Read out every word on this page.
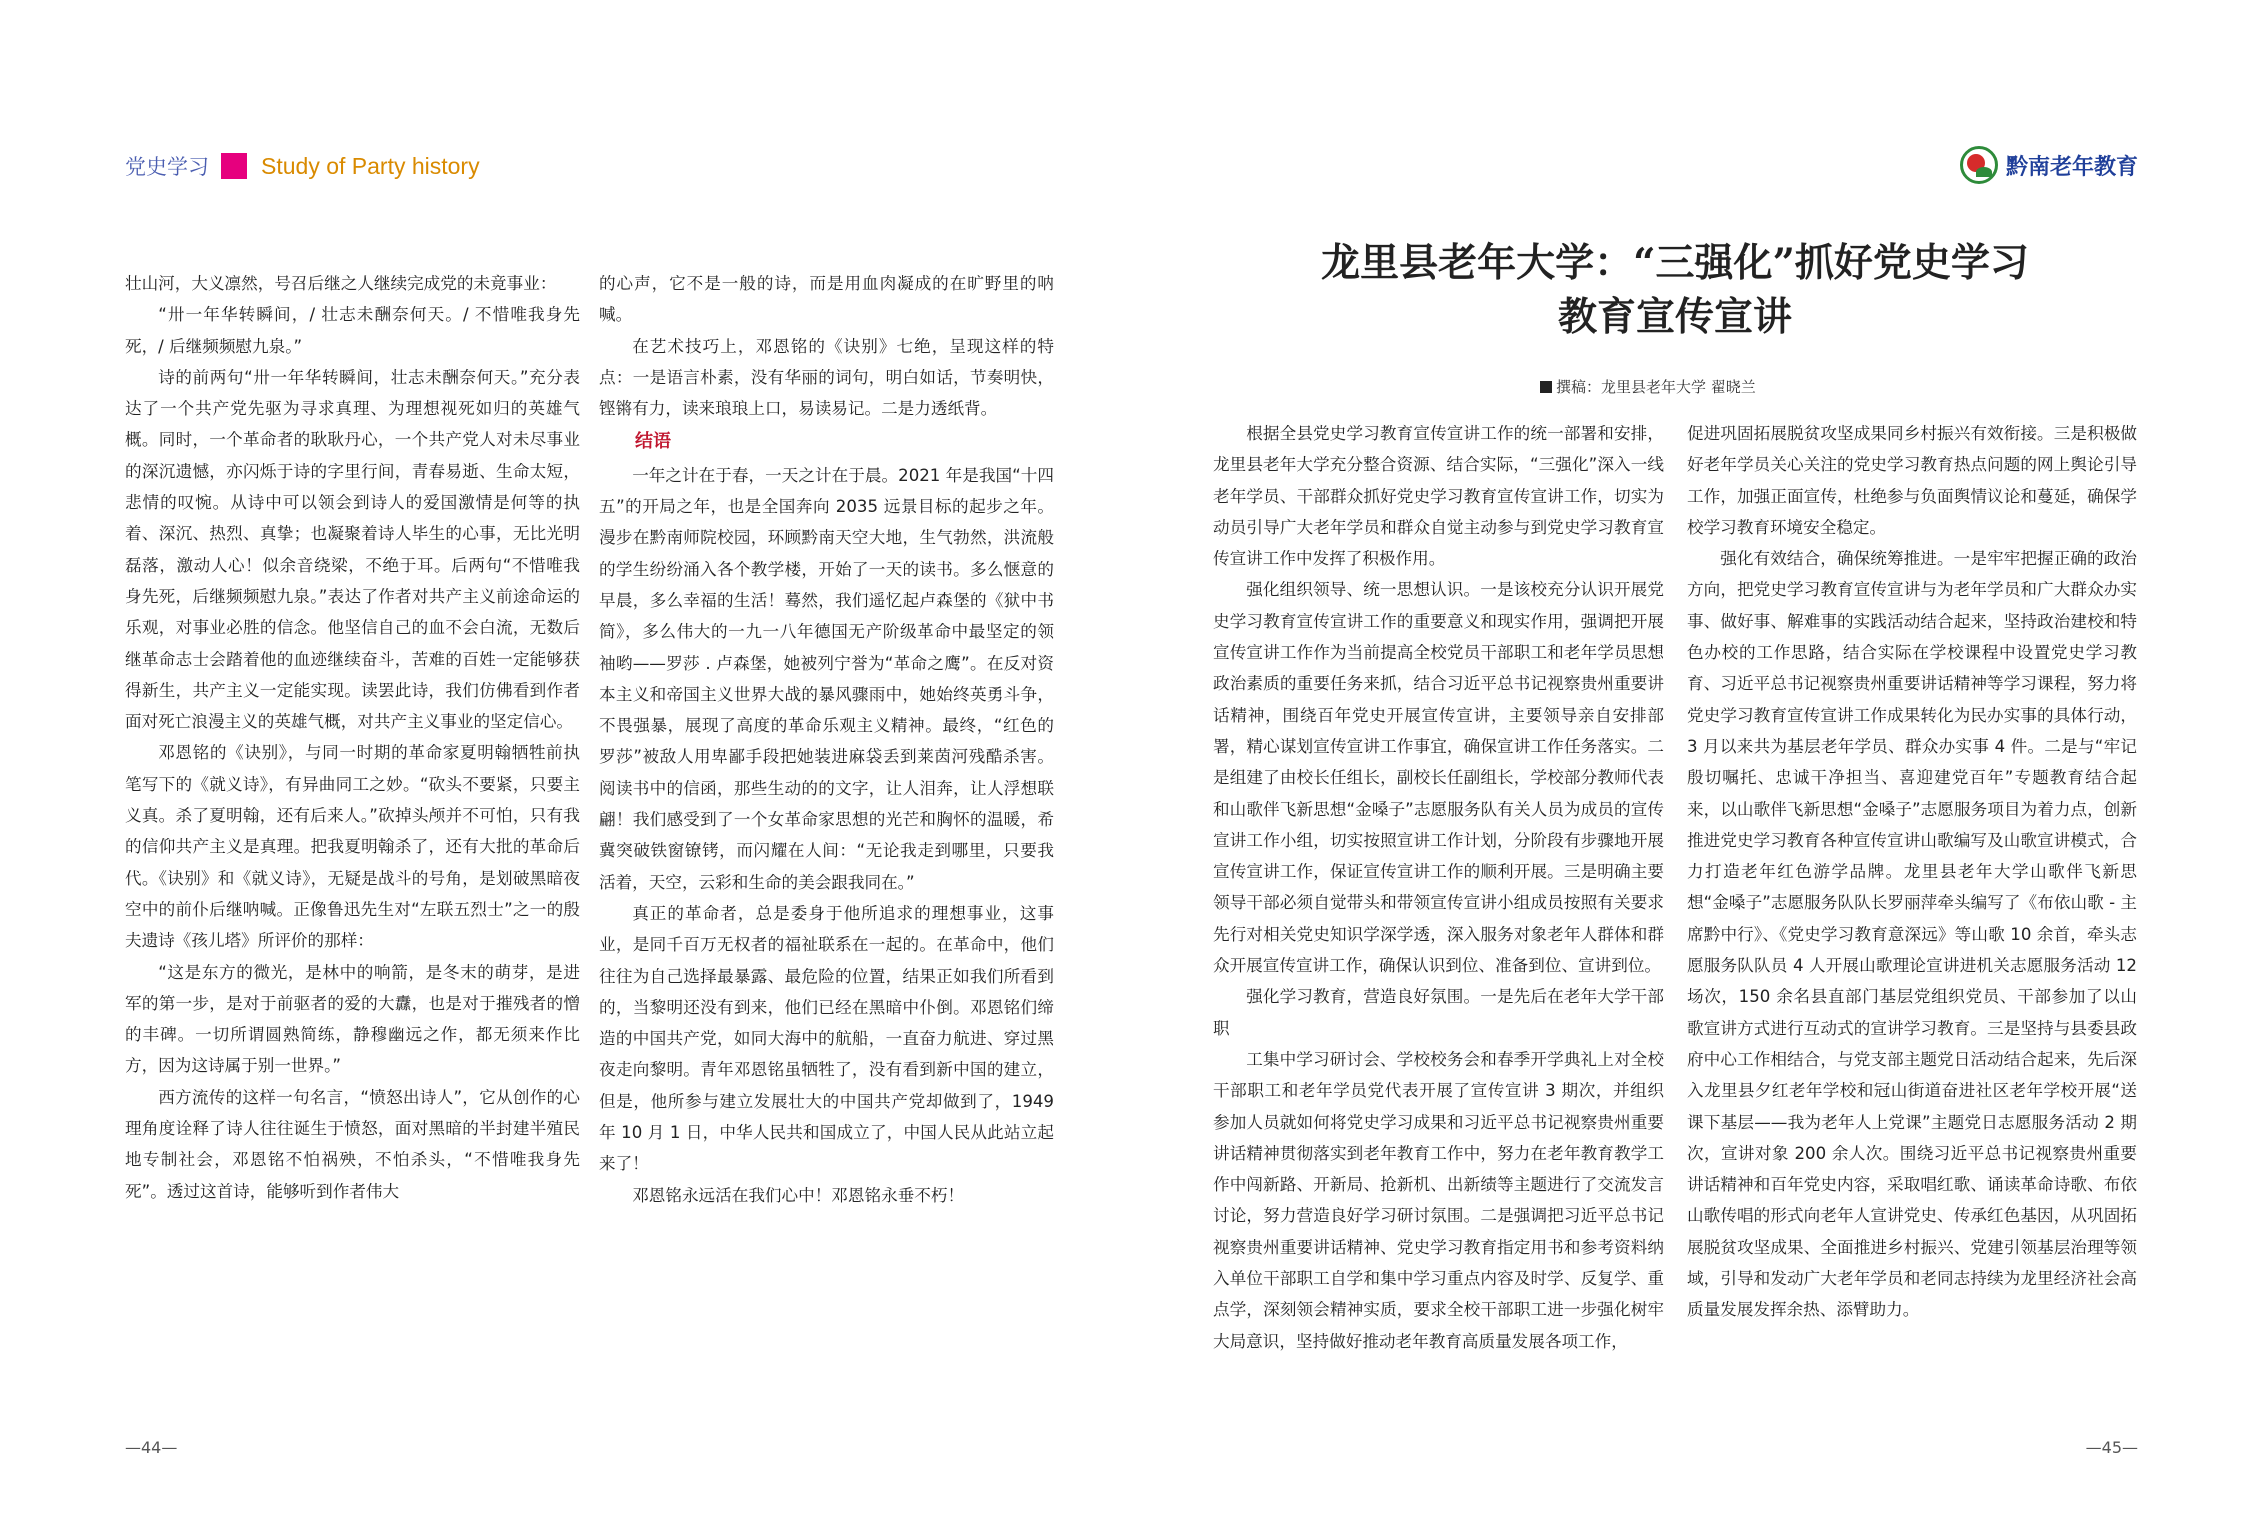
党史学习 Study of Party history	黔南老年教育

壮山河，大义凛然，号召后继之人继续完成党的未竟事业：

“卅一年华转瞬间，/ 壮志未酬奈何天。/ 不惜唯我身先死，/ 后继频频慰九泉。”

诗的前两句“卅一年华转瞬间，壮志未酬奈何天。”充分表达了一个共产党先驱为寻求真理、为理想视死如归的英雄气概。同时，一个革命者的耿耿丹心，一个共产党人对未尽事业的深沉遗憾，亦闪烁于诗的字里行间，青春易逝、生命太短，悲情的叹惋。从诗中可以领会到诗人的爱国激情是何等的执着、深沉、热烈、真挚；也凝聚着诗人毕生的心事，无比光明磊落，激动人心！似余音绕梁，不绝于耳。后两句“不惜唯我身先死，后继频频慰九泉。”表达了作者对共产主义前途命运的乐观，对事业必胜的信念。他坚信自己的血不会白流，无数后继革命志士会踏着他的血迹继续奋斗，苦难的百姓一定能够获得新生，共产主义一定能实现。读罢此诗，我们仿佛看到作者面对死亡浪漫主义的英雄气概，对共产主义事业的坚定信心。

邓恩铭的《诀别》，与同一时期的革命家夏明翰牺牲前执笔写下的《就义诗》，有异曲同工之妙。“砍头不要紧，只要主义真。杀了夏明翰，还有后来人。”砍掉头颅并不可怕，只有我的信仰共产主义是真理。把我夏明翰杀了，还有大批的革命后代。《诀别》和《就义诗》，无疑是战斗的号角，是划破黑暗夜空中的前仆后继呐喊。正像鲁迅先生对“左联五烈士”之一的殷夫遗诗《孩儿塔》所评价的那样：

“这是东方的微光，是林中的响箭，是冬末的萌芽，是进军的第一步，是对于前驱者的爱的大纛，也是对于摧残者的憎的丰碑。一切所谓圆熟简练，静穆幽远之作，都无须来作比方，因为这诗属于别一世界。”

西方流传的这样一句名言，“愤怒出诗人”，它从创作的心理角度诠释了诗人往往诞生于愤怒，面对黑暗的半封建半殖民地专制社会，邓恩铭不怕祸殃，不怕杀头，“不惜唯我身先死”。透过这首诗，能够听到作者伟大

的心声，它不是一般的诗，而是用血肉凝成的在旷野里的呐喊。

在艺术技巧上，邓恩铭的《诀别》七绝，呈现这样的特点：一是语言朴素，没有华丽的词句，明白如话，节奏明快，铿锵有力，读来琅琅上口，易读易记。二是力透纸背。

结语

一年之计在于春，一天之计在于晨。2021 年是我国“十四五”的开局之年，也是全国奔向 2035 远景目标的起步之年。漫步在黔南师院校园，环顾黔南天空大地，生气勃然，洪流般的学生纷纷涌入各个教学楼，开始了一天的读书。多么惬意的早晨，多么幸福的生活！蓦然，我们遥忆起卢森堡的《狱中书简》，多么伟大的一九一八年德国无产阶级革命中最坚定的领袖哟——罗莎 . 卢森堡，她被列宁誉为“革命之鹰”。在反对资本主义和帝国主义世界大战的暴风骤雨中，她始终英勇斗争，不畏强暴，展现了高度的革命乐观主义精神。最终，“红色的罗莎”被敌人用卑鄙手段把她装进麻袋丢到莱茵河残酷杀害。阅读书中的信函，那些生动的的文字，让人泪奔，让人浮想联翩！我们感受到了一个女革命家思想的光芒和胸怀的温暖，希冀突破铁窗镣铐，而闪耀在人间：“无论我走到哪里，只要我活着，天空，云彩和生命的美会跟我同在。”

真正的革命者，总是委身于他所追求的理想事业，这事业，是同千百万无权者的福祉联系在一起的。在革命中，他们往往为自己选择最暴露、最危险的位置，结果正如我们所看到的，当黎明还没有到来，他们已经在黑暗中仆倒。邓恩铭们缔造的中国共产党，如同大海中的航船，一直奋力航进、穿过黑夜走向黎明。青年邓恩铭虽牺牲了，没有看到新中国的建立，但是，他所参与建立发展壮大的中国共产党却做到了，1949 年 10 月 1 日，中华人民共和国成立了，中国人民从此站立起来了！

邓恩铭永远活在我们心中！邓恩铭永垂不朽！

龙里县老年大学：“三强化”抓好党史学习
教育宣传宣讲
撰稿：龙里县老年大学 翟晓兰

根据全县党史学习教育宣传宣讲工作的统一部署和安排，龙里县老年大学充分整合资源、结合实际，“三强化”深入一线老年学员、干部群众抓好党史学习教育宣传宣讲工作，切实为动员引导广大老年学员和群众自觉主动参与到党史学习教育宣传宣讲工作中发挥了积极作用。

强化组织领导、统一思想认识。一是该校充分认识开展党史学习教育宣传宣讲工作的重要意义和现实作用，强调把开展宣传宣讲工作作为当前提高全校党员干部职工和老年学员思想政治素质的重要任务来抓，结合习近平总书记视察贵州重要讲话精神，围绕百年党史开展宣传宣讲，主要领导亲自安排部署，精心谋划宣传宣讲工作事宜，确保宣讲工作任务落实。二是组建了由校长任组长，副校长任副组长，学校部分教师代表和山歌伴飞新思想“金嗓子”志愿服务队有关人员为成员的宣传宣讲工作小组，切实按照宣讲工作计划，分阶段有步骤地开展宣传宣讲工作，保证宣传宣讲工作的顺利开展。三是明确主要领导干部必须自觉带头和带领宣传宣讲小组成员按照有关要求先行对相关党史知识学深学透，深入服务对象老年人群体和群众开展宣传宣讲工作，确保认识到位、准备到位、宣讲到位。

强化学习教育，营造良好氛围。一是先后在老年大学干部职

工集中学习研讨会、学校校务会和春季开学典礼上对全校干部职工和老年学员党代表开展了宣传宣讲 3 期次，并组织参加人员就如何将党史学习成果和习近平总书记视察贵州重要讲话精神贯彻落实到老年教育工作中，努力在老年教育教学工作中闯新路、开新局、抢新机、出新绩等主题进行了交流发言讨论，努力营造良好学习研讨氛围。二是强调把习近平总书记视察贵州重要讲话精神、党史学习教育指定用书和参考资料纳入单位干部职工自学和集中学习重点内容及时学、反复学、重点学，深刻领会精神实质，要求全校干部职工进一步强化树牢大局意识，坚持做好推动老年教育高质量发展各项工作，

促进巩固拓展脱贫攻坚成果同乡村振兴有效衔接。三是积极做好老年学员关心关注的党史学习教育热点问题的网上舆论引导工作，加强正面宣传，杜绝参与负面舆情议论和蔓延，确保学校学习教育环境安全稳定。

强化有效结合，确保统筹推进。一是牢牢把握正确的政治方向，把党史学习教育宣传宣讲与为老年学员和广大群众办实事、做好事、解难事的实践活动结合起来，坚持政治建校和特色办校的工作思路，结合实际在学校课程中设置党史学习教育、习近平总书记视察贵州重要讲话精神等学习课程，努力将党史学习教育宣传宣讲工作成果转化为民办实事的具体行动，3 月以来共为基层老年学员、群众办实事 4 件。二是与“牢记殷切嘱托、忠诚干净担当、喜迎建党百年”专题教育结合起来，以山歌伴飞新思想“金嗓子”志愿服务项目为着力点，创新推进党史学习教育各种宣传宣讲山歌编写及山歌宣讲模式，合力打造老年红色游学品牌。龙里县老年大学山歌伴飞新思想“金嗓子”志愿服务队队长罗丽萍牵头编写了《布依山歌 - 主席黔中行》、《党史学习教育意深远》等山歌 10 余首，牵头志愿服务队队员 4 人开展山歌理论宣讲进机关志愿服务活动 12 场次，150 余名县直部门基层党组织党员、干部参加了以山歌宣讲方式进行互动式的宣讲学习教育。三是坚持与县委县政府中心工作相结合，与党支部主题党日活动结合起来，先后深入龙里县夕红老年学校和冠山街道奋进社区老年学校开展“送课下基层——我为老年人上党课”主题党日志愿服务活动 2 期次，宣讲对象 200 余人次。围绕习近平总书记视察贵州重要讲话精神和百年党史内容，采取唱红歌、诵读革命诗歌、布依山歌传唱的形式向老年人宣讲党史、传承红色基因，从巩固拓展脱贫攻坚成果、全面推进乡村振兴、党建引领基层治理等领域，引导和发动广大老年学员和老同志持续为龙里经济社会高质量发展发挥余热、添臂助力。

—44—	—45—
